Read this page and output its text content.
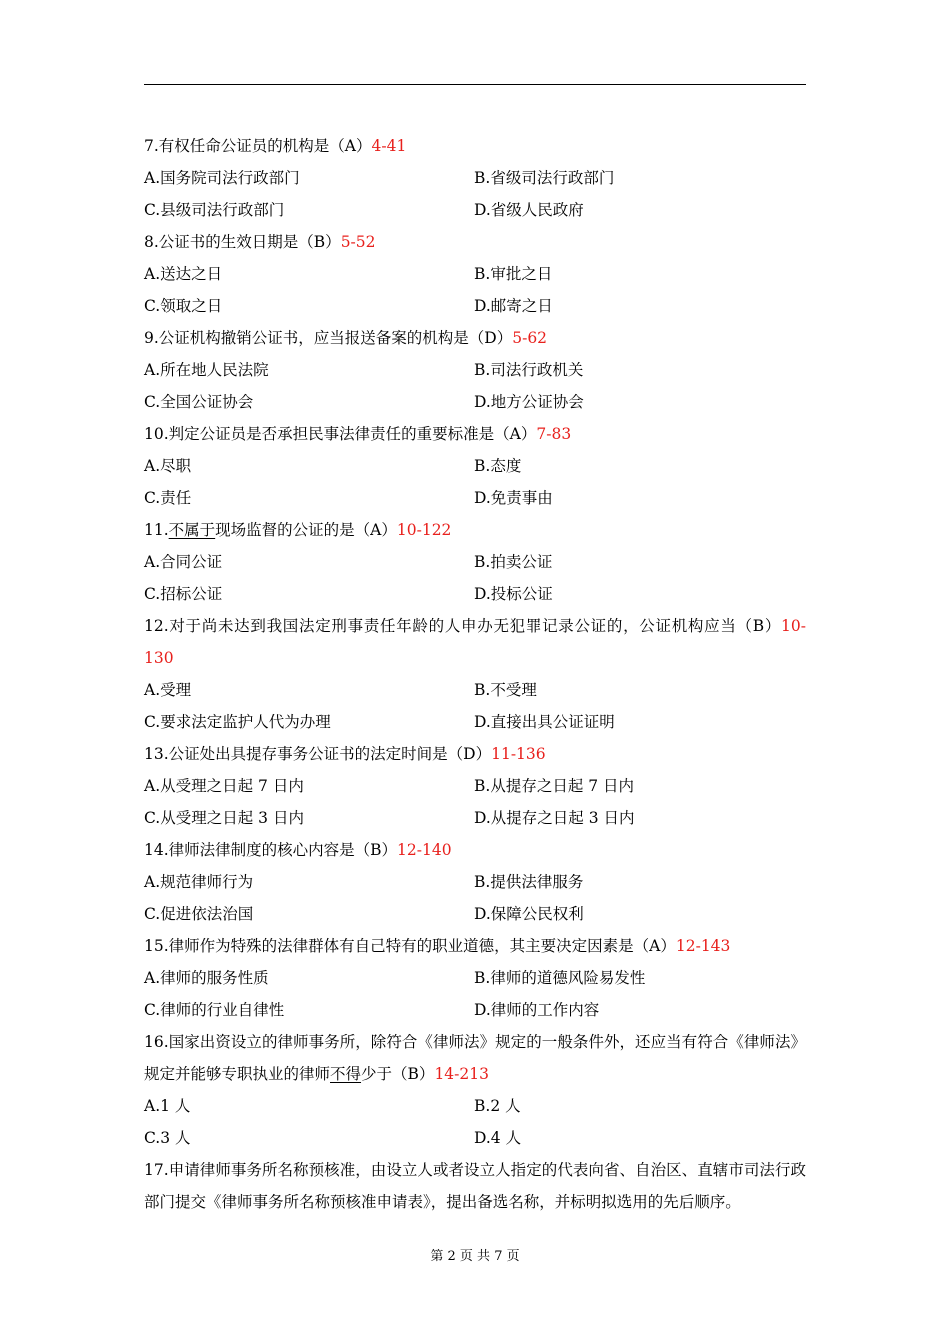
7.有权任命公证员的机构是（A）4-41
A.国务院司法行政部门	B.省级司法行政部门
C.县级司法行政部门	D.省级人民政府
8.公证书的生效日期是（B）5-52
A.送达之日	B.审批之日
C.领取之日	D.邮寄之日
9.公证机构撤销公证书，应当报送备案的机构是（D）5-62
A.所在地人民法院	B.司法行政机关
C.全国公证协会	D.地方公证协会
10.判定公证员是否承担民事法律责任的重要标准是（A）7-83
A.尽职	B.态度
C.责任	D.免责事由
11.不属于现场监督的公证的是（A）10-122
A.合同公证	B.拍卖公证
C.招标公证	D.投标公证
12.对于尚未达到我国法定刑事责任年龄的人申办无犯罪记录公证的，公证机构应当（B）10-130
A.受理	B.不受理
C.要求法定监护人代为办理	D.直接出具公证证明
13.公证处出具提存事务公证书的法定时间是（D）11-136
A.从受理之日起 7 日内	B.从提存之日起 7 日内
C.从受理之日起 3 日内	D.从提存之日起 3 日内
14.律师法律制度的核心内容是（B）12-140
A.规范律师行为	B.提供法律服务
C.促进依法治国	D.保障公民权利
15.律师作为特殊的法律群体有自己特有的职业道德，其主要决定因素是（A）12-143
A.律师的服务性质	B.律师的道德风险易发性
C.律师的行业自律性	D.律师的工作内容
16.国家出资设立的律师事务所，除符合《律师法》规定的一般条件外，还应当有符合《律师法》规定并能够专职执业的律师不得少于（B）14-213
A.1 人	B.2 人
C.3 人	D.4 人
17.申请律师事务所名称预核准，由设立人或者设立人指定的代表向省、自治区、直辖市司法行政部门提交《律师事务所名称预核准申请表》，提出备选名称，并标明拟选用的先后顺序。
第 2 页 共 7 页
